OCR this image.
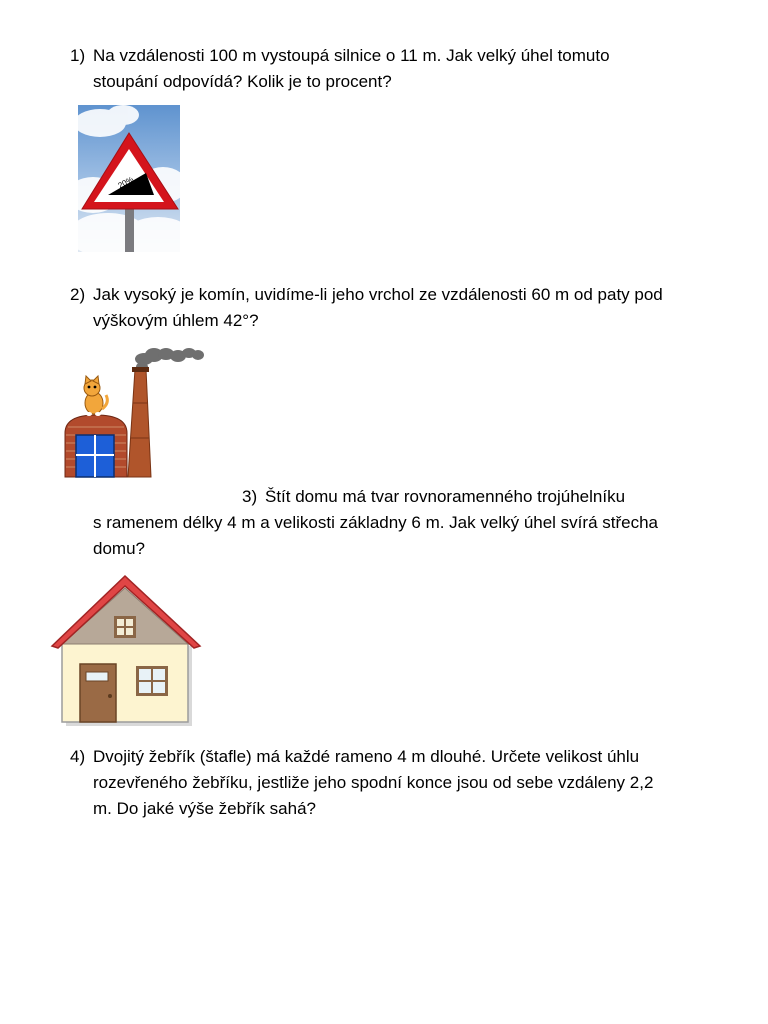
1) Na vzdálenosti 100 m vystoupá silnice o 11 m. Jak velký úhel tomuto
stoupání odpovídá? Kolik je to procent?
20%
2) Jak vysoký je komín, uvidíme-li jeho vrchol ze vzdálenosti 60 m od paty pod
výškovým úhlem 42°?
3) Štít domu má tvar rovnoramenného trojúhelníku
s ramenem délky 4 m a velikosti základny 6 m. Jak velký úhel svírá střecha
domu?
4) Dvojitý žebřík (štafle) má každé rameno 4 m dlouhé. Určete velikost úhlu
rozevřeného žebříku, jestliže jeho spodní konce jsou od sebe vzdáleny 2,2
m. Do jaké výše žebřík sahá?
